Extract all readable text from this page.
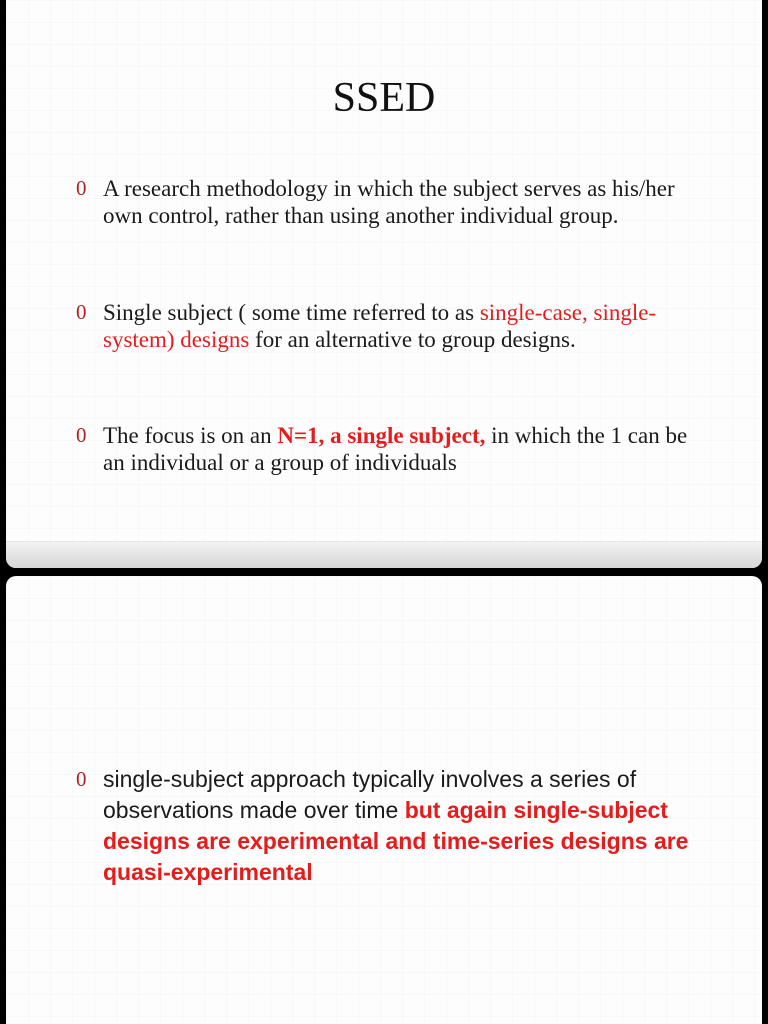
SSED
0 A research methodology in which the subject serves as his/her own control, rather than using another individual group.
0 Single subject ( some time referred to as single-case, single-system) designs for an alternative to group designs.
0 The focus is on an N=1, a single subject, in which the 1 can be an individual or a group of individuals
0 single-subject approach typically involves a series of observations made over time but again single-subject designs are experimental and time-series designs are quasi-experimental
